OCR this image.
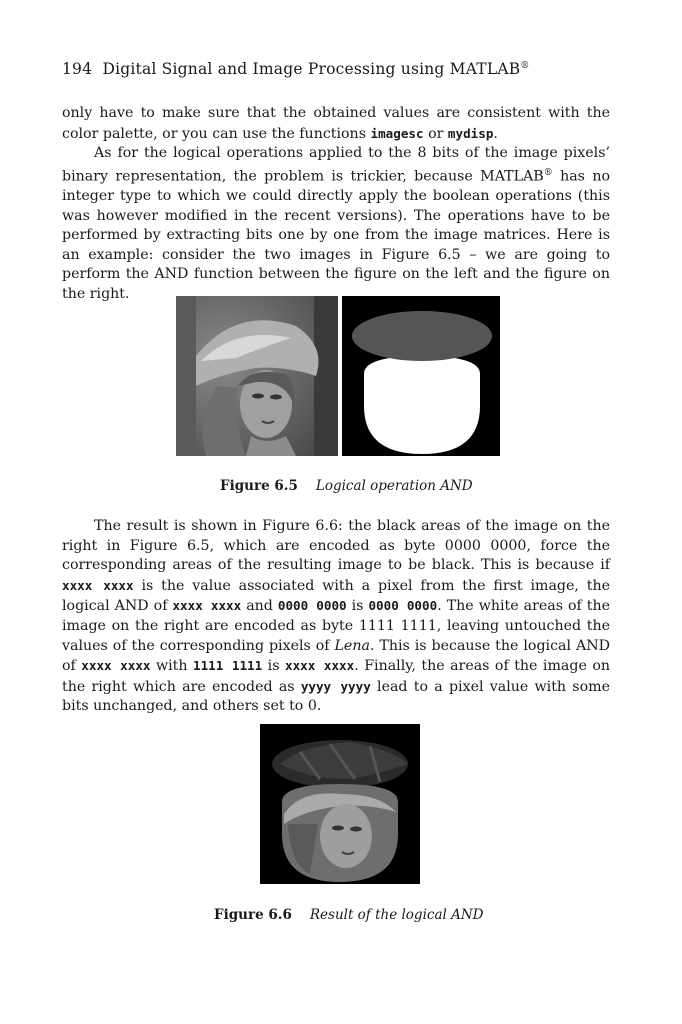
194 Digital Signal and Image Processing using MATLAB®

only have to make sure that the obtained values are consistent with the color palette, or you can use the functions imagesc or mydisp.

As for the logical operations applied to the 8 bits of the image pixels’ binary representation, the problem is trickier, because MATLAB® has no integer type to which we could directly apply the boolean operations (this was however modified in the recent versions). The operations have to be performed by extracting bits one by one from the image matrices. Here is an example: consider the two images in Figure 6.5 – we are going to perform the AND function between the figure on the left and the figure on the right.

Figure 6.5 Logical operation AND

The result is shown in Figure 6.6: the black areas of the image on the right in Figure 6.5, which are encoded as byte 0000 0000, force the corresponding areas of the resulting image to be black. This is because if xxxx xxxx is the value associated with a pixel from the first image, the logical AND of xxxx xxxx and 0000 0000 is 0000 0000. The white areas of the image on the right are encoded as byte 1111 1111, leaving untouched the values of the corresponding pixels of Lena. This is because the logical AND of xxxx xxxx with 1111 1111 is xxxx xxxx. Finally, the areas of the image on the right which are encoded as yyyy yyyy lead to a pixel value with some bits unchanged, and others set to 0.

Figure 6.6 Result of the logical AND
